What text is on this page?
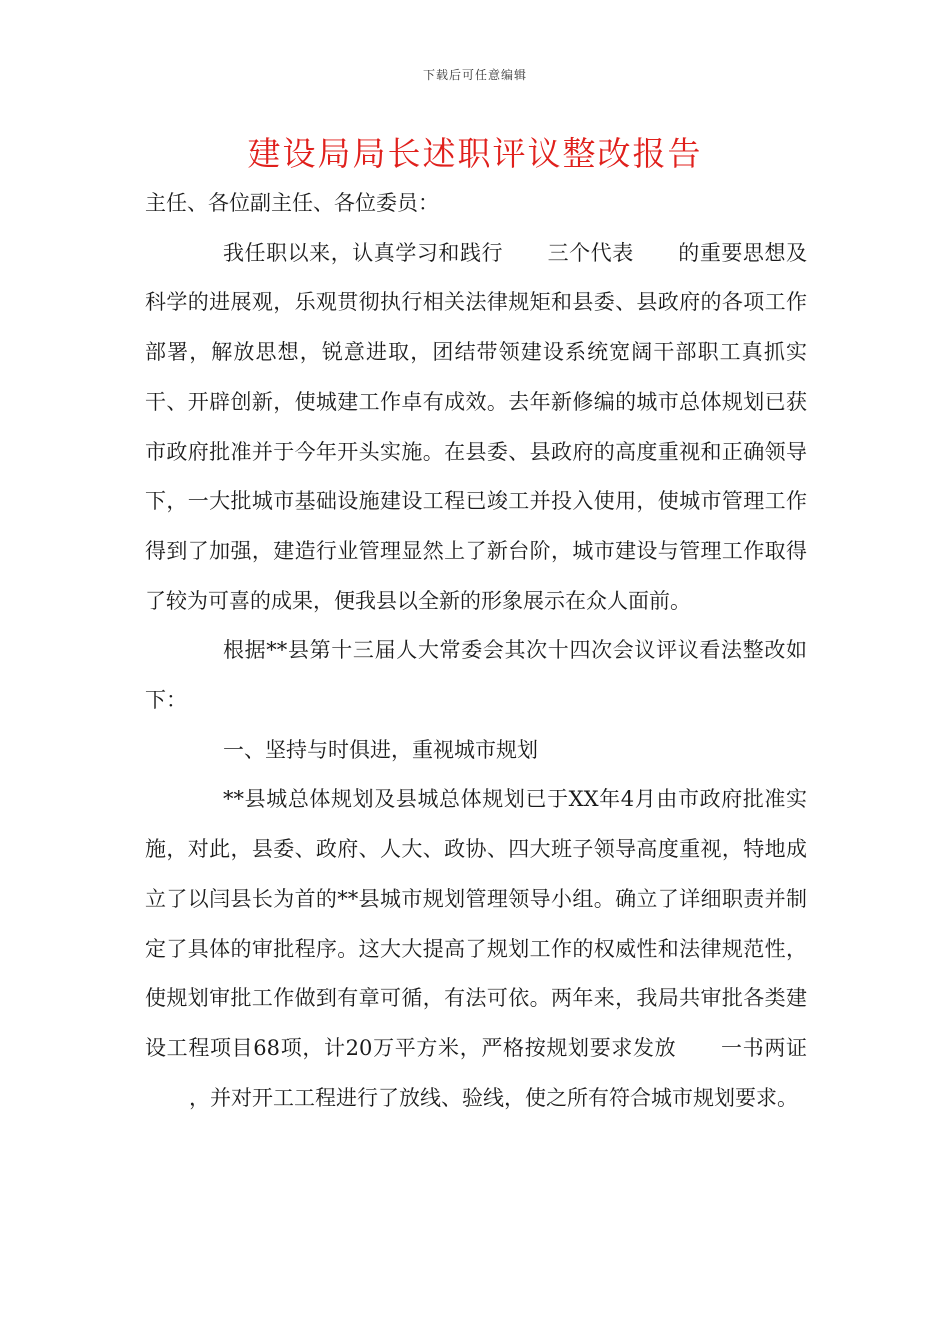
下载后可任意编辑
建设局局长述职评议整改报告

主任、各位副主任、各位委员：

我任职以来，认真学习和践行 三个代表 的重要思想及科学的进展观，乐观贯彻执行相关法律规矩和县委、县政府的各项工作部署，解放思想，锐意进取，团结带领建设系统宽阔干部职工真抓实干、开辟创新，使城建工作卓有成效。去年新修编的城市总体规划已获市政府批准并于今年开头实施。在县委、县政府的高度重视和正确领导下，一大批城市基础设施建设工程已竣工并投入使用，使城市管理工作得到了加强，建造行业管理显然上了新台阶，城市建设与管理工作取得了较为可喜的成果，便我县以全新的形象展示在众人面前。

根据**县第十三届人大常委会其次十四次会议评议看法整改如下：

一、坚持与时俱进，重视城市规划

**县城总体规划及县城总体规划已于XX年4月由市政府批准实施，对此，县委、政府、人大、政协、四大班子领导高度重视，特地成立了以闫县长为首的**县城市规划管理领导小组。确立了详细职责并制定了具体的审批程序。这大大提高了规划工作的权威性和法律规范性，使规划审批工作做到有章可循，有法可依。两年来，我局共审批各类建设工程项目68项，计20万平方米，严格按规划要求发放 一书两证，并对开工工程进行了放线、验线，使之所有符合城市规划要求。
